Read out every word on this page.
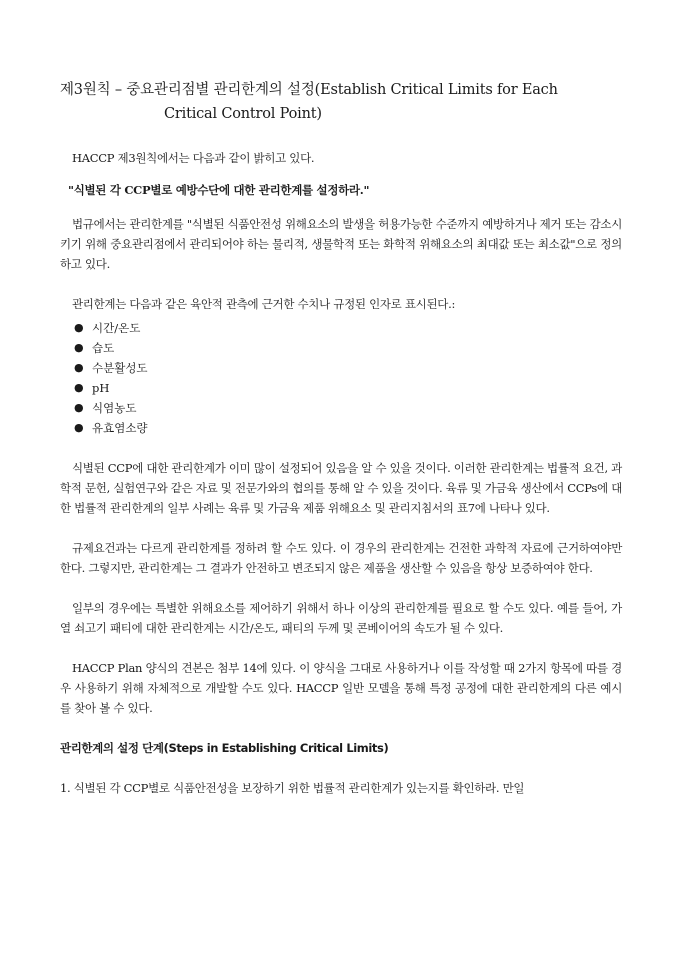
제3원칙 – 중요관리점별 관리한계의 설정(Establish Critical Limits for Each
Critical Control Point)

HACCP 제3원칙에서는 다음과 같이 밝히고 있다.

"식별된 각 CCP별로 예방수단에 대한 관리한계를 설정하라."

법규에서는 관리한계를 "식별된 식품안전성 위해요소의 발생을 허용가능한 수준까지 예방하거나 제거 또는 감소시키기 위해 중요관리점에서 관리되어야 하는 물리적, 생물학적 또는 화학적 위해요소의 최대값 또는 최소값"으로 정의하고 있다.

관리한계는 다음과 같은 육안적 관측에 근거한 수치나 규정된 인자로 표시된다.:

● 시간/온도
● 습도
● 수분활성도
● pH
● 식염농도
● 유효염소량

식별된 CCP에 대한 관리한계가 이미 많이 설정되어 있음을 알 수 있을 것이다. 이러한 관리한계는 법률적 요건, 과학적 문헌, 실험연구와 같은 자료 및 전문가와의 협의를 통해 알 수 있을 것이다. 육류 및 가금육 생산에서 CCPs에 대한 법률적 관리한계의 일부 사례는 육류 및 가금육 제품 위해요소 및 관리지침서의 표7에 나타나 있다.

규제요건과는 다르게 관리한계를 정하려 할 수도 있다. 이 경우의 관리한계는 건전한 과학적 자료에 근거하여야만 한다. 그렇지만, 관리한계는 그 결과가 안전하고 변조되지 않은 제품을 생산할 수 있음을 항상 보증하여야 한다.

일부의 경우에는 특별한 위해요소를 제어하기 위해서 하나 이상의 관리한계를 필요로 할 수도 있다. 예를 들어, 가열 쇠고기 패티에 대한 관리한계는 시간/온도, 패티의 두께 및 콘베이어의 속도가 될 수 있다.

HACCP Plan 양식의 견본은 첨부 14에 있다. 이 양식을 그대로 사용하거나 이를 작성할 때 2가지 항목에 따를 경우 사용하기 위해 자체적으로 개발할 수도 있다. HACCP 일반 모델을 통해 특정 공정에 대한 관리한계의 다른 예시를 찾아 볼 수 있다.

관리한계의 설정 단계(Steps in Establishing Critical Limits)

1. 식별된 각 CCP별로 식품안전성을 보장하기 위한 법률적 관리한계가 있는지를 확인하라. 만일
